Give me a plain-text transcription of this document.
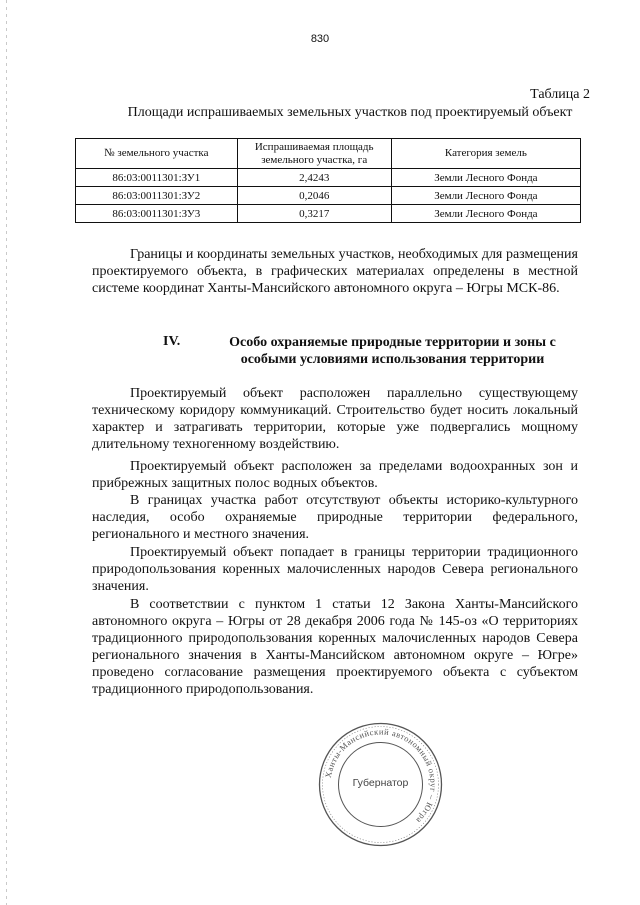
830
Таблица 2
Площади испрашиваемых земельных участков под проектируемый объект
№ земельного участка	Испрашиваемая площадь земельного участка, га	Категория земель
86:03:0011301:ЗУ1	2,4243	Земли Лесного Фонда
86:03:0011301:ЗУ2	0,2046	Земли Лесного Фонда
86:03:0011301:ЗУ3	0,3217	Земли Лесного Фонда

Границы и координаты земельных участков, необходимых для размещения проектируемого объекта, в графических материалах определены в местной системе координат Ханты-Мансийского автономного округа – Югры МСК-86.

IV.	Особо охраняемые природные территории и зоны с особыми условиями использования территории

Проектируемый объект расположен параллельно существующему техническому коридору коммуникаций. Строительство будет носить локальный характер и затрагивать территории, которые уже подвергались мощному длительному техногенному воздействию.

Проектируемый объект расположен за пределами водоохранных зон и прибрежных защитных полос водных объектов.

В границах участка работ отсутствуют объекты историко-культурного наследия, особо охраняемые природные территории федерального, регионального и местного значения.

Проектируемый объект попадает в границы территории традиционного природопользования коренных малочисленных народов Севера регионального значения.

В соответствии с пунктом 1 статьи 12 Закона Ханты-Мансийского автономного округа – Югры от 28 декабря 2006 года № 145-оз «О территориях традиционного природопользования коренных малочисленных народов Севера регионального значения в Ханты-Мансийском автономном округе – Югре» проведено согласование размещения проектируемого объекта с субъектом традиционного природопользования.

Ханты-Мансийский автономный округ – Югра
Губернатор
